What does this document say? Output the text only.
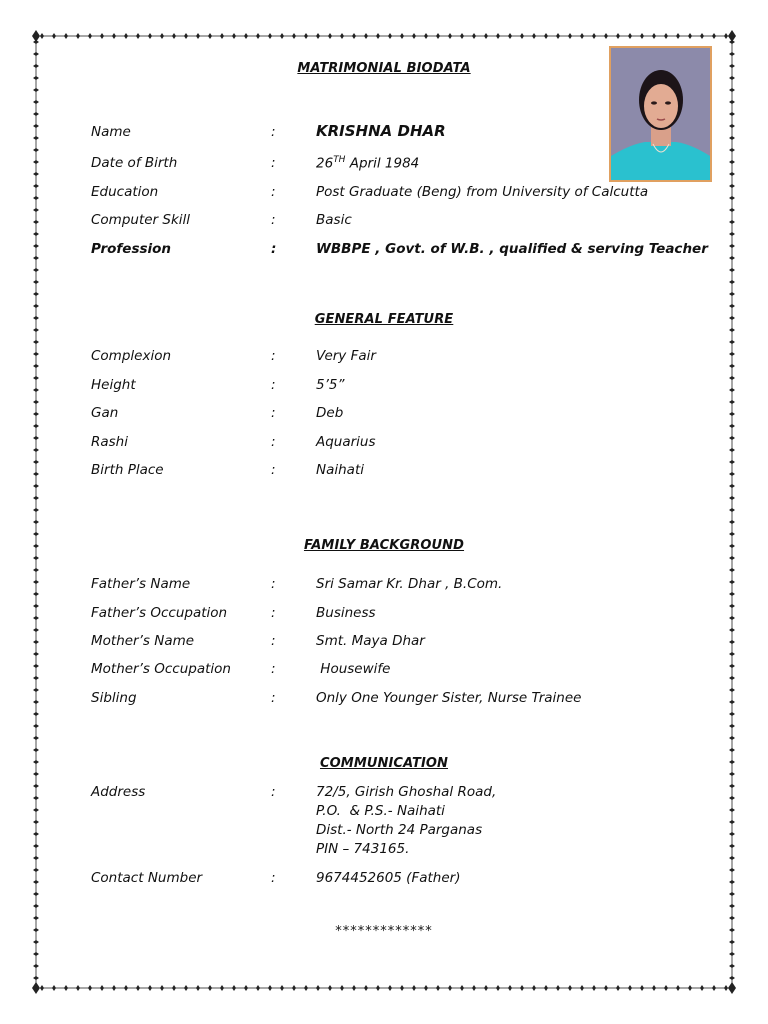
MATRIMONIAL BIODATA
Name	:	KRISHNA DHAR
Date of Birth	:	26TH April 1984
Education	:	Post Graduate (Beng) from University of Calcutta
Computer Skill	:	Basic
Profession	:	WBBPE , Govt. of W.B. , qualified & serving Teacher
GENERAL FEATURE
Complexion	:	Very Fair
Height	:	5’5”
Gan	:	Deb
Rashi	:	Aquarius
Birth Place	:	Naihati
FAMILY BACKGROUND
Father’s Name	:	Sri Samar Kr. Dhar , B.Com.
Father’s Occupation	:	Business
Mother’s Name	:	Smt. Maya Dhar
Mother’s Occupation	:	Housewife
Sibling	:	Only One Younger Sister, Nurse Trainee
COMMUNICATION
Address	:	72/5, Girish Ghoshal Road,
P.O.  & P.S.- Naihati
Dist.- North 24 Parganas
PIN – 743165.
Contact Number	:	9674452605 (Father)
*************
